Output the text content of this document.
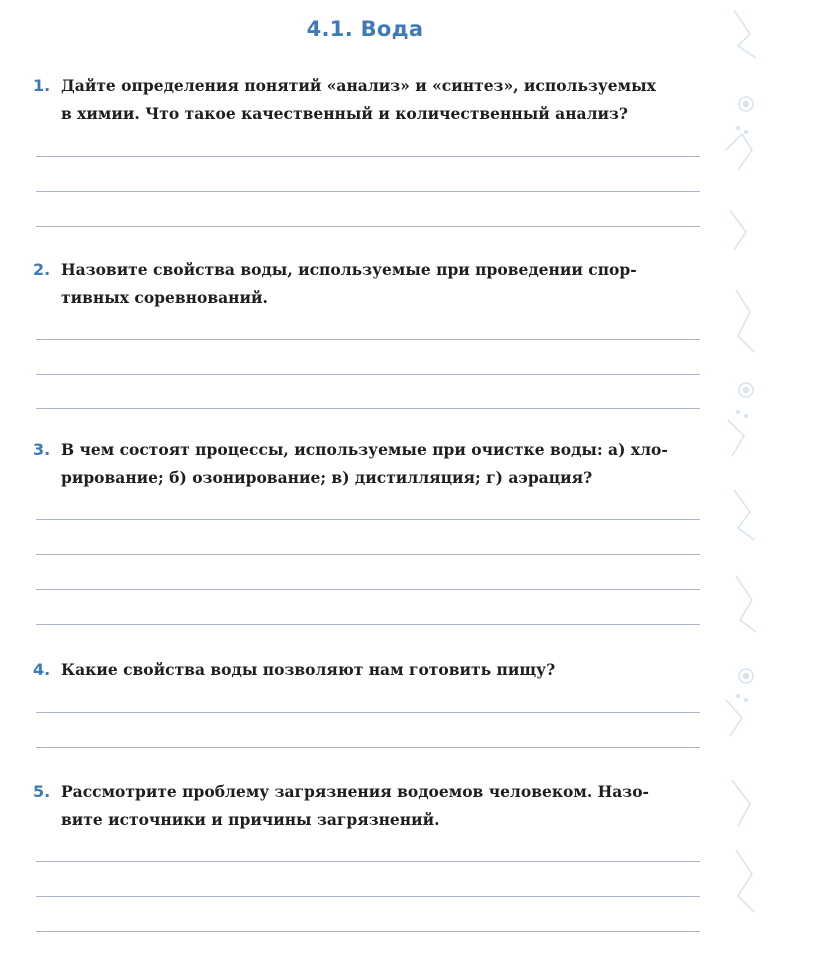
4.1. Вода
1. Дайте определения понятий «анализ» и «синтез», используемых
в химии. Что такое качественный и количественный анализ?

2. Назовите свойства воды, используемые при проведении спор-
тивных соревнований.

3. В чем состоят процессы, используемые при очистке воды: а) хло-
рирование; б) озонирование; в) дистилляция; г) аэрация?

4. Какие свойства воды позволяют нам готовить пищу?

5. Рассмотрите проблему загрязнения водоемов человеком. Назо-
вите источники и причины загрязнений.
